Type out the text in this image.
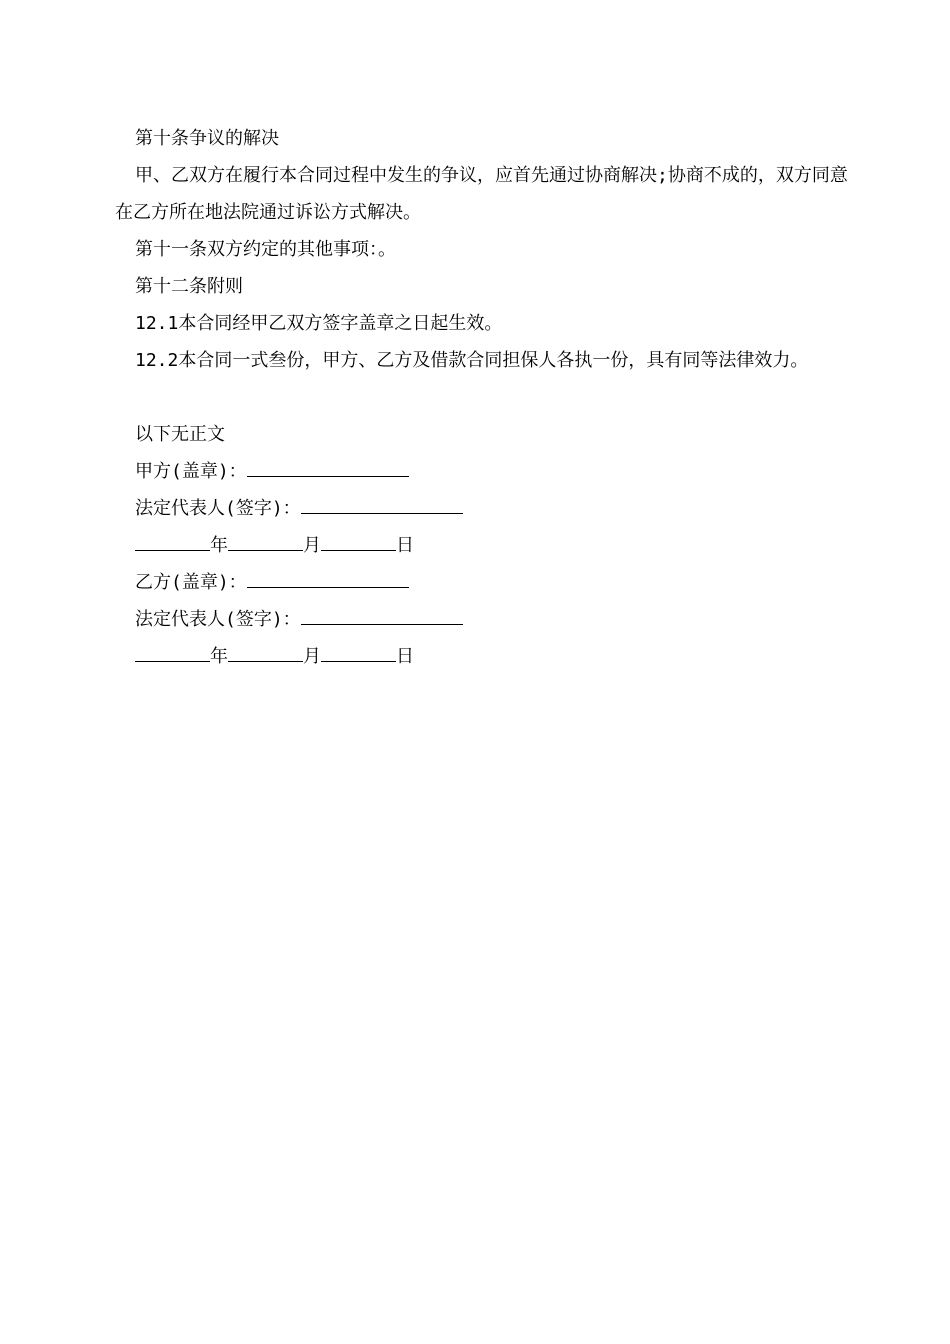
第十条争议的解决
甲、乙双方在履行本合同过程中发生的争议，应首先通过协商解决;协商不成的，双方同意在乙方所在地法院通过诉讼方式解决。
第十一条双方约定的其他事项：。
第十二条附则
12.1本合同经甲乙双方签字盖章之日起生效。
12.2本合同一式叁份，甲方、乙方及借款合同担保人各执一份，具有同等法律效力。
以下无正文
甲方(盖章)：
法定代表人(签字)：
年	月	日
乙方(盖章)：
法定代表人(签字)：
年	月	日
